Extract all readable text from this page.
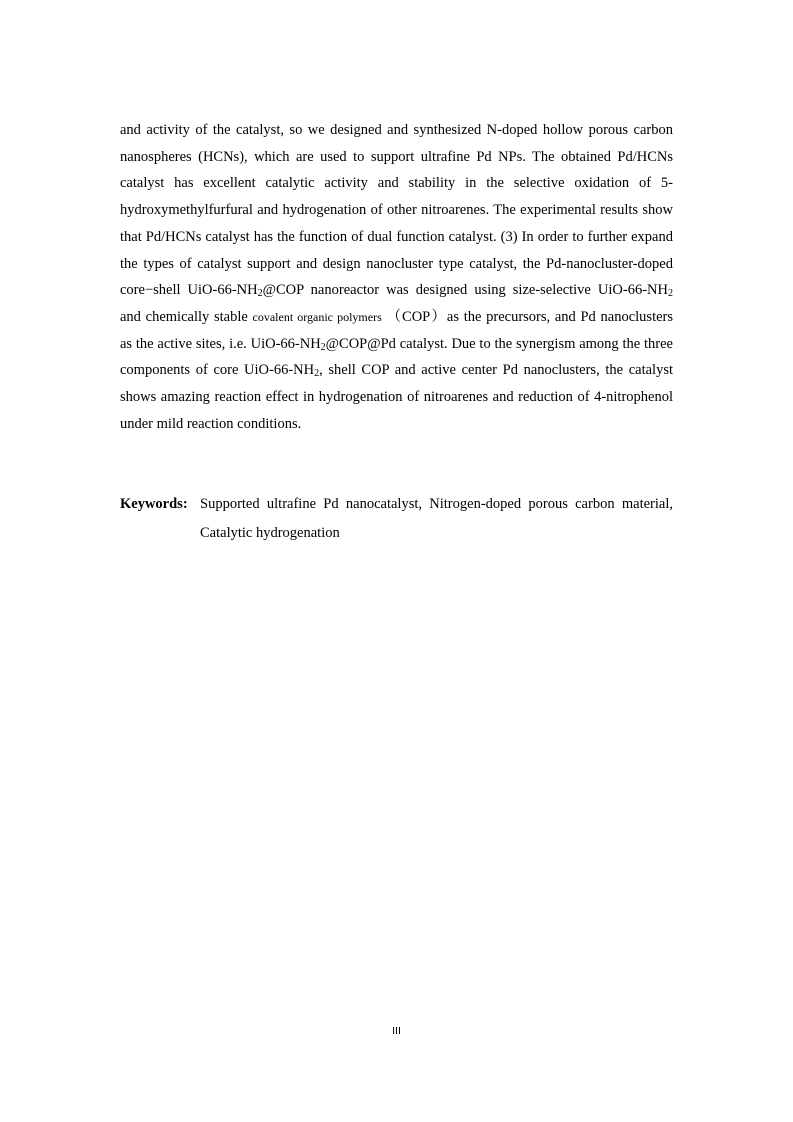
and activity of the catalyst, so we designed and synthesized N-doped hollow porous carbon nanospheres (HCNs), which are used to support ultrafine Pd NPs. The obtained Pd/HCNs catalyst has excellent catalytic activity and stability in the selective oxidation of 5-hydroxymethylfurfural and hydrogenation of other nitroarenes. The experimental results show that Pd/HCNs catalyst has the function of dual function catalyst. (3) In order to further expand the types of catalyst support and design nanocluster type catalyst, the Pd-nanocluster-doped core−shell UiO-$66-NH_2@COP$ nanoreactor was designed using size-selective UiO-$66-NH_2$ and chemically stable covalent organic polymers （COP）as the precursors, and Pd nanoclusters as the active sites, i.e. UiO-$66-NH_2@COP@Pd$ catalyst. Due to the synergism among the three components of core UiO-$66-NH_2$, shell COP and active center Pd nanoclusters, the catalyst shows amazing reaction effect in hydrogenation of nitroarenes and reduction of 4-nitrophenol under mild reaction conditions.

Keywords: Supported ultrafine Pd nanocatalyst, Nitrogen-doped porous carbon material, Catalytic hydrogenation
III
